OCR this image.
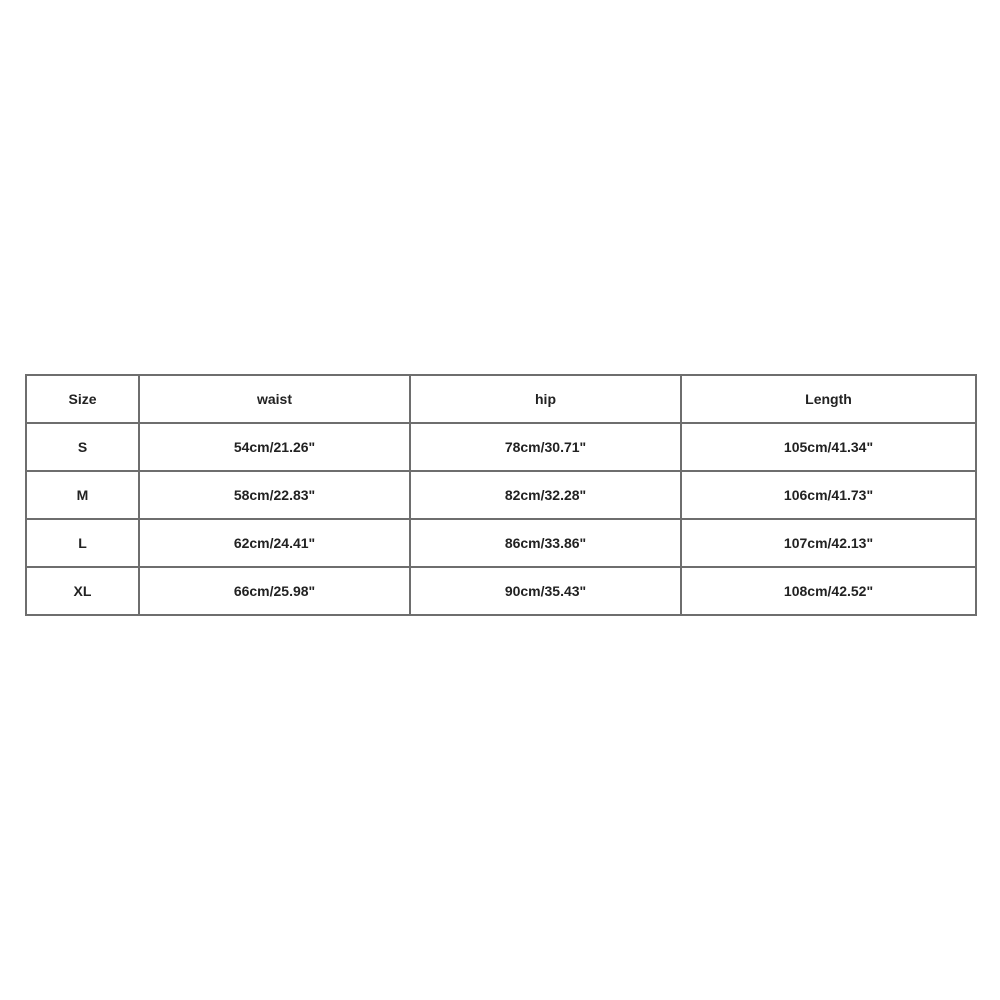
Size	waist	hip	Length
S	54cm/21.26"	78cm/30.71"	105cm/41.34"
M	58cm/22.83"	82cm/32.28"	106cm/41.73"
L	62cm/24.41"	86cm/33.86"	107cm/42.13"
XL	66cm/25.98"	90cm/35.43"	108cm/42.52"
